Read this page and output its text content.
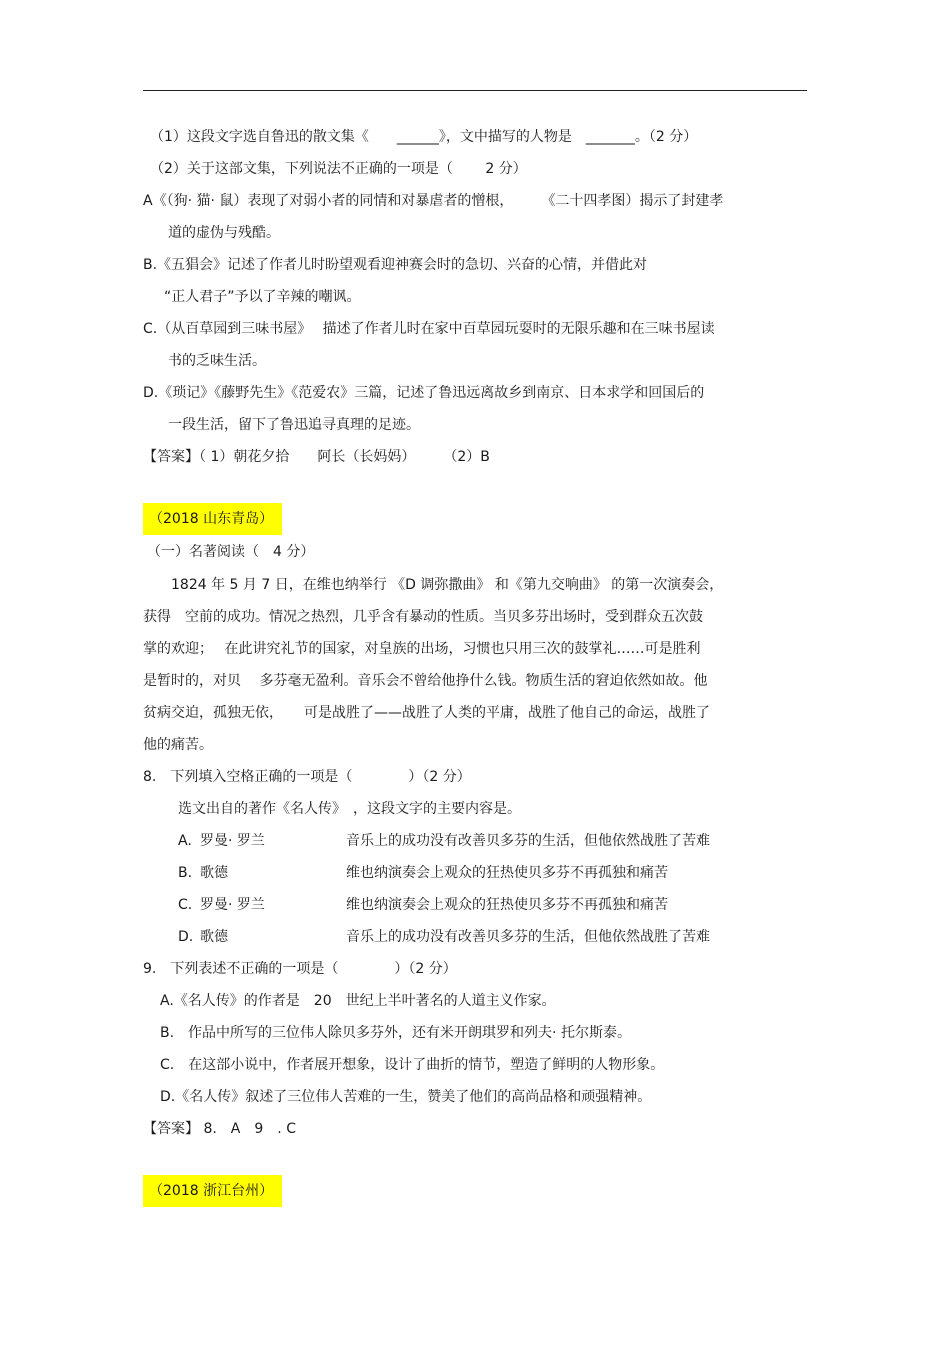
（1）这段文字选自鲁迅的散文集《　　______》，文中描写的人物是　_______。（2 分）
（2）关于这部文集，下列说法不正确的一项是（　　 2 分）
A《（狗· 猫· 鼠）表现了对弱小者的同情和对暴虐者的憎根，　　　《二十四孝图）揭示了封建孝
道的虚伪与残酷。
B.《五猖会》记述了作者儿时盼望观看迎神赛会时的急切、兴奋的心情，并借此对
“正人君子”予以了辛辣的嘲讽。
C.（从百草园到三味书屋》　 描述了作者儿时在家中百草园玩耍时的无限乐趣和在三味书屋读
书的乏味生活。
D.《琐记》《藤野先生》《范爱农》三篇，记述了鲁迅远离故乡到南京、日本求学和回国后的
一段生活，留下了鲁迅追寻真理的足迹。
【答案】（ 1）朝花夕拾　　阿长（长妈妈）　　　（2）B
（2018 山东青岛）
（一）名著阅读（　4 分）
　　1824 年 5 月 7 日，在维也纳举行 《D 调弥撒曲》 和《第九交响曲》 的第一次演奏会，
获得　空前的成功。情况之热烈，几乎含有暴动的性质。当贝多芬出场时，受到群众五次鼓
掌的欢迎；　 在此讲究礼节的国家，对皇族的出场，习惯也只用三次的鼓掌礼……可是胜利
是暂时的，对贝　 多芬毫无盈利。音乐会不曾给他挣什么钱。物质生活的窘迫依然如故。他
贫病交迫，孤独无依，　　可是战胜了——战胜了人类的平庸，战胜了他自己的命运，战胜了
他的痛苦。
8.　下列填入空格正确的一项是（　　　　）（2 分）
选文出自的著作《名人传》　，这段文字的主要内容是。
A. 罗曼· 罗兰	音乐上的成功没有改善贝多芬的生活，但他依然战胜了苦难
B. 歌德	维也纳演奏会上观众的狂热使贝多芬不再孤独和痛苦
C. 罗曼· 罗兰	维也纳演奏会上观众的狂热使贝多芬不再孤独和痛苦
D. 歌德	音乐上的成功没有改善贝多芬的生活，但他依然战胜了苦难
9.　下列表述不正确的一项是（　　　　）（2 分）
A.《名人传》的作者是　20　世纪上半叶著名的人道主义作家。
B.　作品中所写的三位伟人除贝多芬外，还有米开朗琪罗和列夫· 托尔斯泰。
C.　在这部小说中，作者展开想象，设计了曲折的情节，塑造了鲜明的人物形象。
D.《名人传》叙述了三位伟人苦难的一生，赞美了他们的高尚品格和顽强精神。
【答案】 8.　A　9　. C
（2018 浙江台州）
